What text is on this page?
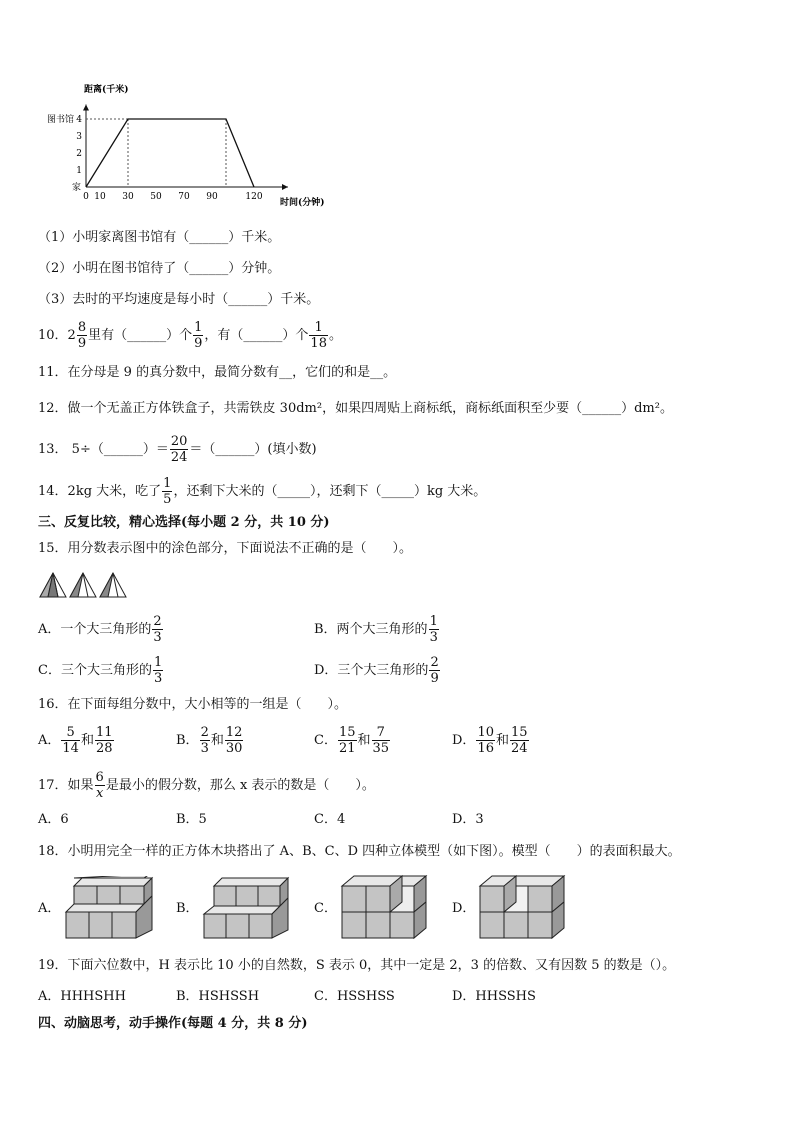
距离(千米)
时间(分钟)
4
3
2
1
图书馆
家
0 10 30 50 70 90	120
（1）小明家离图书馆有（______）千米。
（2）小明在图书馆待了（______）分钟。
（3）去时的平均速度是每小时（______）千米。
10．$2 \frac{8}{9}$ 里有（______）个 $\frac{1}{9}$ ，有（______）个 $\frac{1}{18}$ 。
11．在分母是 9 的真分数中，最简分数有__，它们的和是__。
12．做一个无盖正方体铁盒子，共需铁皮 30dm²，如果四周贴上商标纸，商标纸面积至少要（______）dm²。
13． 5÷（______）＝ $\frac{20}{24}$ ＝（______）(填小数)
14．2kg 大米，吃了 $\frac{1}{5}$ ，还剩下大米的（_____），还剩下（_____）kg 大米。
三、反复比较，精心选择(每小题 2 分，共 10 分)
15．用分数表示图中的涂色部分，下面说法不正确的是（　　）。
A．一个大三角形的 $\frac{2}{3}$	B．两个大三角形的 $\frac{1}{3}$
C．三个大三角形的 $\frac{1}{3}$	D．三个大三角形的 $\frac{2}{9}$
16．在下面每组分数中，大小相等的一组是（　　）。
A． $\frac{5}{14}$ 和 $\frac{11}{28}$	B． $\frac{2}{3}$ 和 $\frac{12}{30}$	C． $\frac{15}{21}$ 和 $\frac{7}{35}$	D． $\frac{10}{16}$ 和 $\frac{15}{24}$
17．如果 $\frac{6}{x}$ 是最小的假分数，那么 x 表示的数是（　　）。
A．6	B．5	C．4	D．3
18．小明用完全一样的正方体木块搭出了 A、B、C、D 四种立体模型（如下图）。模型（　　）的表面积最大。
A．	B．	C．	D．
19．下面六位数中，H 表示比 10 小的自然数，S 表示 0，其中一定是 2，3 的倍数、又有因数 5 的数是（）。
A．HHHSHH	B．HSHSSH	C．HSSHSS	D．HHSSHS
四、动脑思考，动手操作(每题 4 分，共 8 分)
